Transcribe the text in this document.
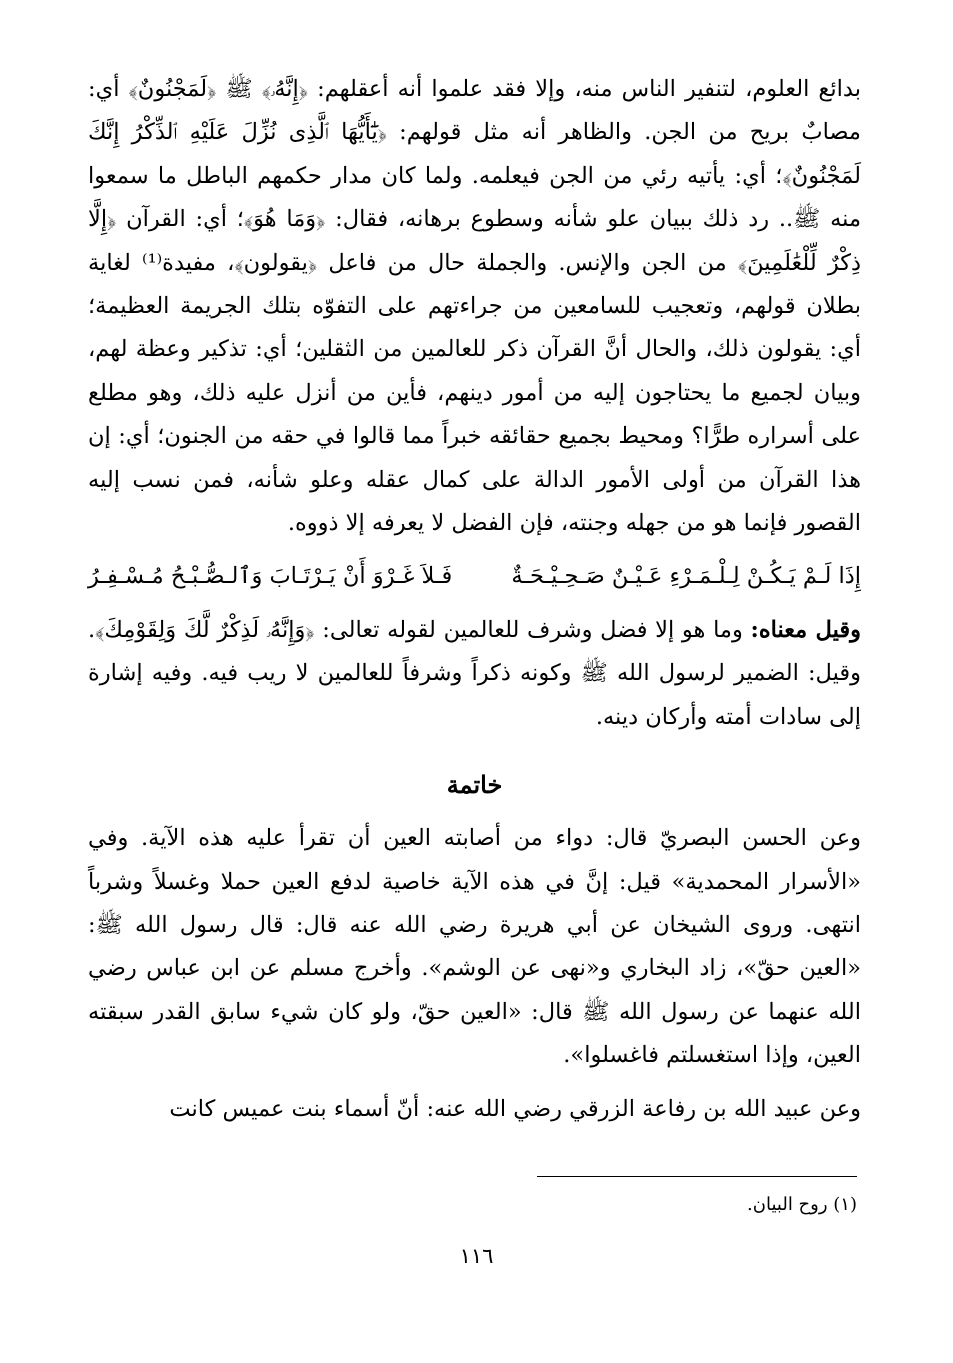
بدائع العلوم، لتنفير الناس منه، وإلا فقد علموا أنه أعقلهم: ﴿إِنَّهُۥ﴾ ﷺ ﴿لَمَجْنُونٌ﴾ أي: مصابٌ بريح من الجن. والظاهر أنه مثل قولهم: ﴿يَٰٓأَيُّهَا ٱلَّذِى نُزِّلَ عَلَيْهِ ٱلذِّكْرُ إِنَّكَ لَمَجْنُونٌ﴾؛ أي: يأتيه رئي من الجن فيعلمه. ولما كان مدار حكمهم الباطل ما سمعوا منه ﷺ.. رد ذلك ببيان علو شأنه وسطوع برهانه، فقال: ﴿وَمَا هُوَ﴾؛ أي: القرآن ﴿إِلَّا ذِكْرٌ لِّلْعَٰلَمِينَ﴾ من الجن والإنس. والجملة حال من فاعل ﴿يقولون﴾، مفيدة⁽¹⁾ لغاية بطلان قولهم، وتعجيب للسامعين من جراءتهم على التفوّه بتلك الجريمة العظيمة؛ أي: يقولون ذلك، والحال أنَّ القرآن ذكر للعالمين من الثقلين؛ أي: تذكير وعظة لهم، وبيان لجميع ما يحتاجون إليه من أمور دينهم، فأين من أنزل عليه ذلك، وهو مطلع على أسراره طرًّا؟ ومحيط بجميع حقائقه خبراً مما قالوا في حقه من الجنون؛ أي: إن هذا القرآن من أولى الأمور الدالة على كمال عقله وعلو شأنه، فمن نسب إليه القصور فإنما هو من جهله وجنته، فإن الفضل لا يعرفه إلا ذووه.

إِذَا لَـمْ يَـكُـنْ لِـلْـمَـرْءِ عَـيْـنٌ صَـحِـيْـحَـةٌ
فَـلاَ غَـرْوَ أَنْ يَـرْتَـابَ وَٱلـصُّـبْـحُ مُـسْـفِـرُ

وقيل معناه: وما هو إلا فضل وشرف للعالمين لقوله تعالى: ﴿وَإِنَّهُۥ لَذِكْرٌ لَّكَ وَلِقَوْمِكَ﴾. وقيل: الضمير لرسول الله ﷺ وكونه ذكراً وشرفاً للعالمين لا ريب فيه. وفيه إشارة إلى سادات أمته وأركان دينه.

خاتمة

وعن الحسن البصريّ قال: دواء من أصابته العين أن تقرأ عليه هذه الآية. وفي «الأسرار المحمدية» قيل: إنَّ في هذه الآية خاصية لدفع العين حملا وغسلاً وشرباً انتهى. وروى الشيخان عن أبي هريرة رضي الله عنه قال: قال رسول الله ﷺ: «العين حقّ»، زاد البخاري و«نهى عن الوشم». وأخرج مسلم عن ابن عباس رضي الله عنهما عن رسول الله ﷺ قال: «العين حقّ، ولو كان شيء سابق القدر سبقته العين، وإذا استغسلتم فاغسلوا».

وعن عبيد الله بن رفاعة الزرقي رضي الله عنه: أنّ أسماء بنت عميس كانت

(١) روح البيان.
١١٦
